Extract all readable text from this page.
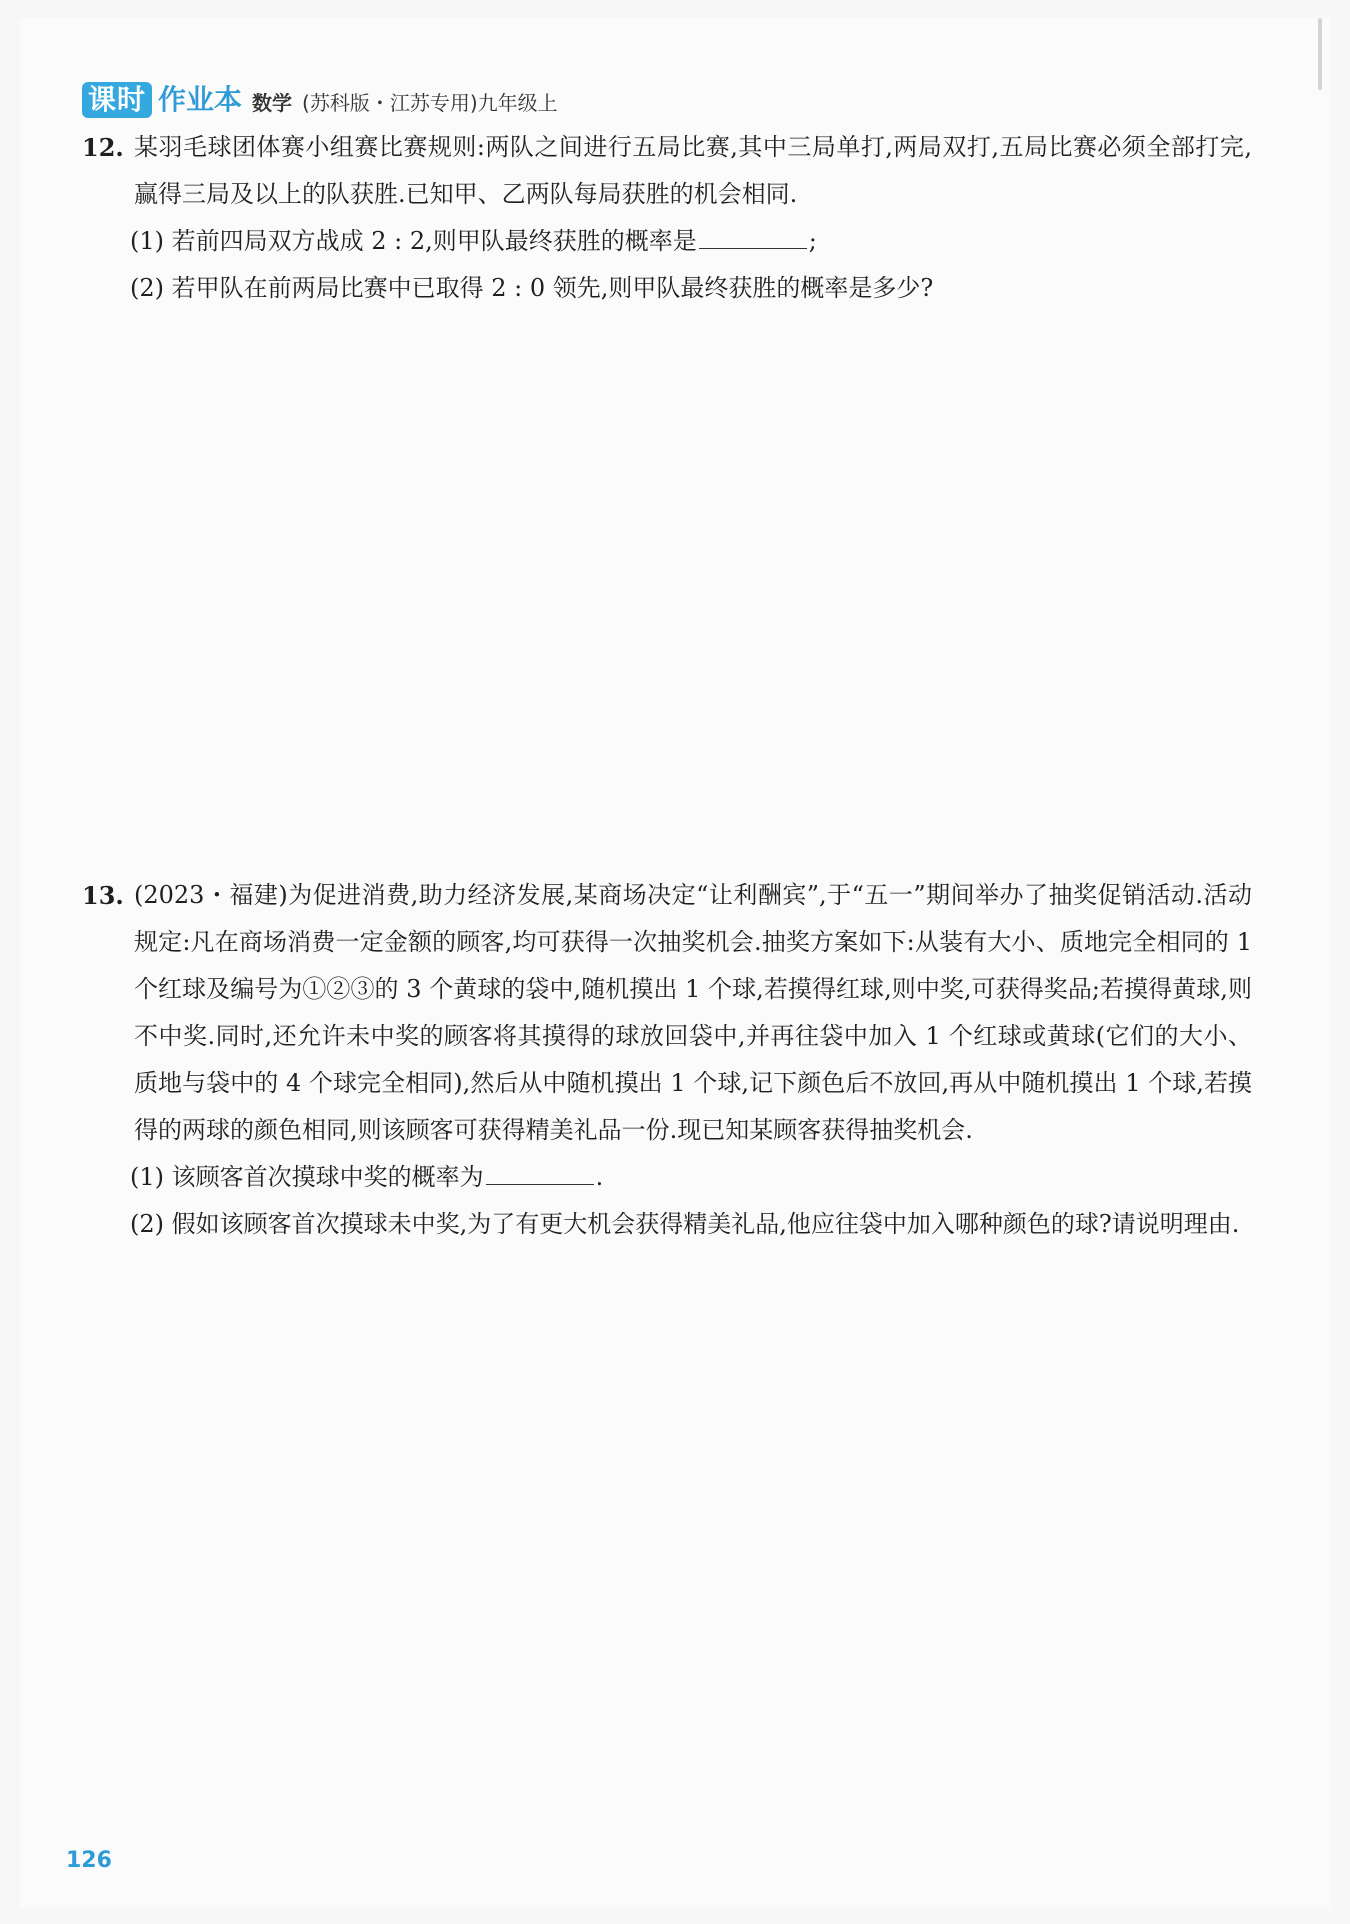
课时 作业本 数学 (苏科版・江苏专用)九年级上
12. 某羽毛球团体赛小组赛比赛规则:两队之间进行五局比赛,其中三局单打,两局双打,五局比赛必须全部打完,赢得三局及以上的队获胜.已知甲、乙两队每局获胜的机会相同.
(1) 若前四局双方战成 2 : 2,则甲队最终获胜的概率是	;
(2) 若甲队在前两局比赛中已取得 2 : 0 领先,则甲队最终获胜的概率是多少?
13. (2023・福建)为促进消费,助力经济发展,某商场决定“让利酬宾”,于“五一”期间举办了抽奖促销活动.活动规定:凡在商场消费一定金额的顾客,均可获得一次抽奖机会.抽奖方案如下:从装有大小、质地完全相同的 1 个红球及编号为①②③的 3 个黄球的袋中,随机摸出 1 个球,若摸得红球,则中奖,可获得奖品;若摸得黄球,则不中奖.同时,还允许未中奖的顾客将其摸得的球放回袋中,并再往袋中加入 1 个红球或黄球(它们的大小、质地与袋中的 4 个球完全相同),然后从中随机摸出 1 个球,记下颜色后不放回,再从中随机摸出 1 个球,若摸得的两球的颜色相同,则该顾客可获得精美礼品一份.现已知某顾客获得抽奖机会.
(1) 该顾客首次摸球中奖的概率为	.
(2) 假如该顾客首次摸球未中奖,为了有更大机会获得精美礼品,他应往袋中加入哪种颜色的球?请说明理由.
126
